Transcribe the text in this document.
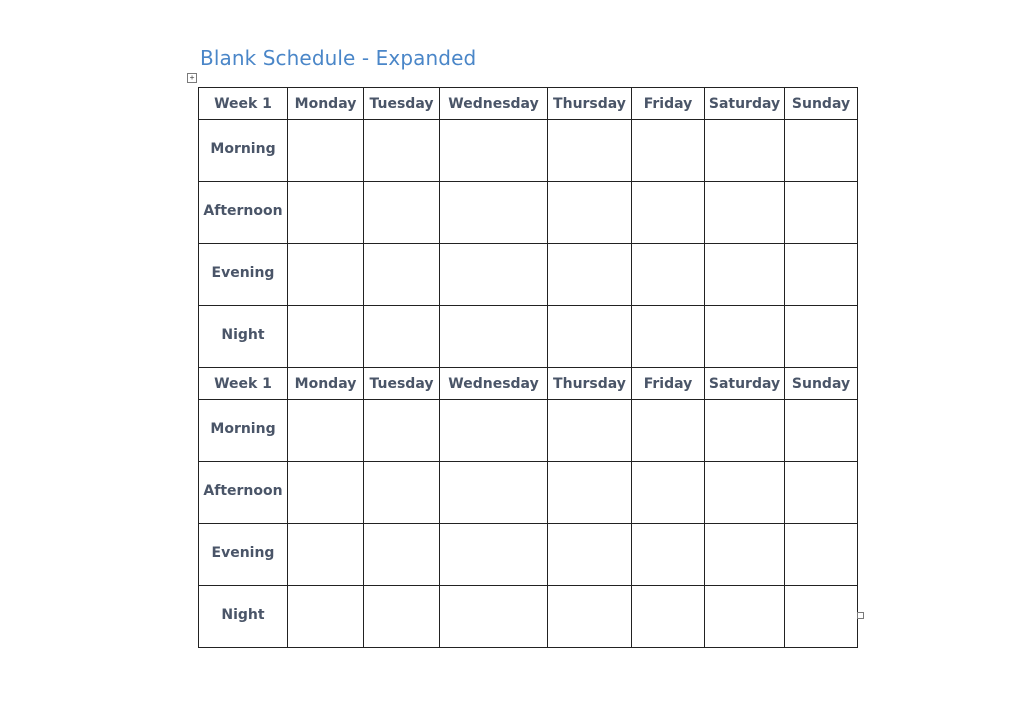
Blank Schedule - Expanded
+
Week 1	Monday	Tuesday	Wednesday	Thursday	Friday	Saturday	Sunday
Morning							
Afternoon							
Evening							
Night							
Week 1	Monday	Tuesday	Wednesday	Thursday	Friday	Saturday	Sunday
Morning							
Afternoon							
Evening							
Night							
